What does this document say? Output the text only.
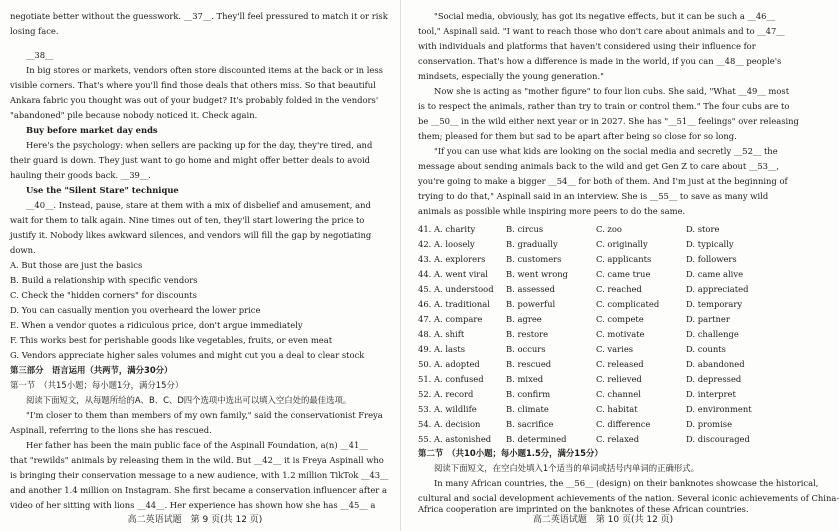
negotiate better without the guesswork. __37__. They'll feel pressured to match it or risk

losing face.

__38__

In big stores or markets, vendors often store discounted items at the back or in less

visible corners. That's where you'll find those deals that others miss. So that beautiful

Ankara fabric you thought was out of your budget? It's probably folded in the vendors'

"abandoned" pile because nobody noticed it. Check again.

Buy before market day ends

Here's the psychology: when sellers are packing up for the day, they're tired, and

their guard is down. They just want to go home and might offer better deals to avoid

hauling their goods back. __39__.

Use the "Silent Stare" technique

__40__. Instead, pause, stare at them with a mix of disbelief and amusement, and

wait for them to talk again. Nine times out of ten, they'll start lowering the price to

justify it. Nobody likes awkward silences, and vendors will fill the gap by negotiating

down.

A. But those are just the basics

B. Build a relationship with specific vendors

C. Check the "hidden corners" for discounts

D. You can casually mention you overheard the lower price

E. When a vendor quotes a ridiculous price, don't argue immediately

F. This works best for perishable goods like vegetables, fruits, or even meat

G. Vendors appreciate higher sales volumes and might cut you a deal to clear stock

第三部分　语言运用（共两节，满分30分）

第一节　（共15小题；每小题1分，满分15分）

阅读下面短文，从每题所给的A、B、C、D四个选项中选出可以填入空白处的最佳选项。

"I'm closer to them than members of my own family," said the conservationist Freya

Aspinall, referring to the lions she has rescued.

Her father has been the main public face of the Aspinall Foundation, a(n) __41__

that "rewilds" animals by releasing them in the wild. But __42__ it is Freya Aspinall who

is bringing their conservation message to a new audience, with 1.2 million TikTok __43__

and another 1.4 million on Instagram. She first became a conservation influencer after a

video of her sitting with lions __44__. Her experience has shown how she has __45__ a

高二英语试题　第 9 页(共 12 页)

"Social media, obviously, has got its negative effects, but it can be such a __46__

tool," Aspinall said. "I want to reach those who don't care about animals and to __47__

with individuals and platforms that haven't considered using their influence for

conservation. That's how a difference is made in the world, if you can __48__ people's

mindsets, especially the young generation."

Now she is acting as "mother figure" to four lion cubs. She said, "What __49__ most

is to respect the animals, rather than try to train or control them." The four cubs are to

be __50__ in the wild either next year or in 2027. She has "__51__ feelings" over releasing

them; pleased for them but sad to be apart after being so close for so long.

"If you can use what kids are looking on the social media and secretly __52__ the

message about sending animals back to the wild and get Gen Z to care about __53__,

you're going to make a bigger __54__ for both of them. And I'm just at the beginning of

trying to do that," Aspinall said in an interview. She is __55__ to save as many wild

animals as possible while inspiring more peers to do the same.

41. A. charity	B. circus	C. zoo	D. store
42. A. loosely	B. gradually	C. originally	D. typically
43. A. explorers B. customers	C. applicants	D. followers
44. A. went viral B. went wrong	C. came true	D. came alive
45. A. understood B. assessed	C. reached	D. appreciated
46. A. traditional B. powerful	C. complicated	D. temporary
47. A. compare	B. agree	C. compete	D. partner
48. A. shift	B. restore	C. motivate	D. challenge
49. A. lasts	B. occurs	C. varies	D. counts
50. A. adopted	B. rescued	C. released	D. abandoned
51. A. confused	B. mixed	C. relieved	D. depressed
52. A. record	B. confirm	C. channel	D. interpret
53. A. wildlife	B. climate	C. habitat	D. environment
54. A. decision	B. sacrifice	C. difference	D. promise
55. A. astonished B. determined	C. relaxed	D. discouraged

第二节　（共10小题；每小题1.5分，满分15分）

阅读下面短文，在空白处填入1个适当的单词或括号内单词的正确形式。

In many African countries, the __56__ (design) on their banknotes showcase the historical,

cultural and social development achievements of the nation. Several iconic achievements of China-

Africa cooperation are imprinted on the banknotes of these African countries.

高二英语试题　第 10 页(共 12 页)
